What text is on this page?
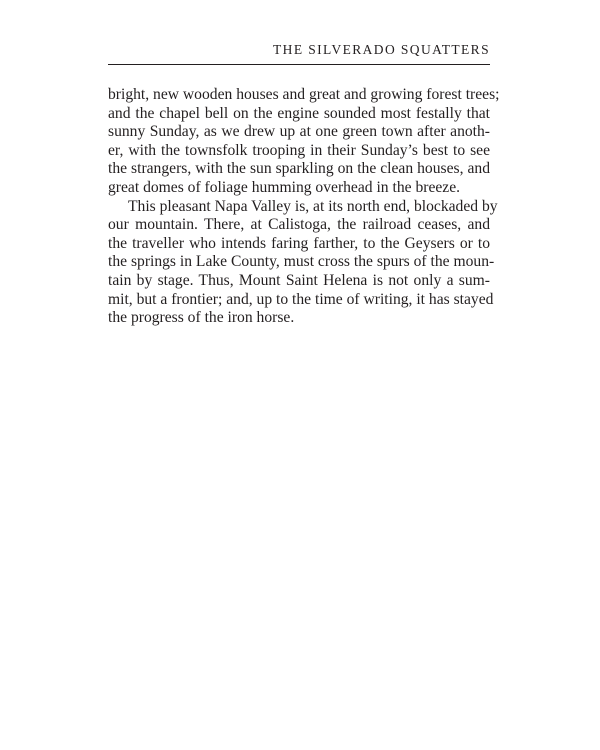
THE SILVERADO SQUATTERS
bright, new wooden houses and great and growing forest trees;
and the chapel bell on the engine sounded most festally that
sunny Sunday, as we drew up at one green town after anoth-
er, with the townsfolk trooping in their Sunday’s best to see
the strangers, with the sun sparkling on the clean houses, and
great domes of foliage humming overhead in the breeze.
This pleasant Napa Valley is, at its north end, blockaded by
our mountain. There, at Calistoga, the railroad ceases, and
the traveller who intends faring farther, to the Geysers or to
the springs in Lake County, must cross the spurs of the moun-
tain by stage. Thus, Mount Saint Helena is not only a sum-
mit, but a frontier; and, up to the time of writing, it has stayed
the progress of the iron horse.
